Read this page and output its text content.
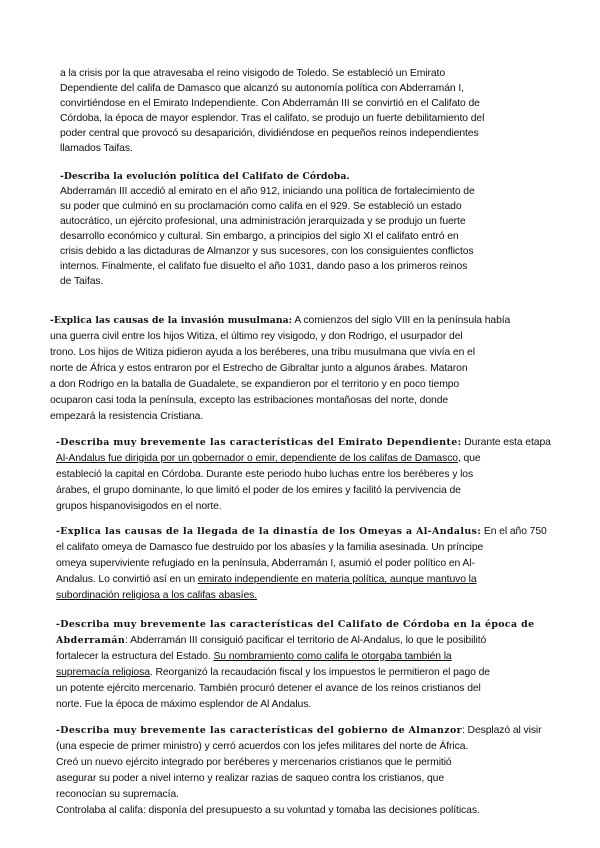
a la crisis por la que atravesaba el reino visigodo de Toledo. Se estableció un Emirato

Dependiente del califa de Damasco que alcanzó su autonomía política con Abderramán I,

convirtiéndose en el Emirato Independiente. Con Abderramán III se convirtió en el Califato de

Córdoba, la época de mayor esplendor. Tras el califato, se produjo un fuerte debilitamiento del

poder central que provocó su desaparición, dividiéndose en pequeños reinos independientes

llamados Taifas.

-Describa la evolución política del Califato de Córdoba.

Abderramán III accedió al emirato en el año 912, iniciando una política de fortalecimiento de

su poder que culminó en su proclamación como califa en el 929. Se estableció un estado

autocrático, un ejército profesional, una administración jerarquizada y se produjo un fuerte

desarrollo económico y cultural. Sin embargo, a principios del siglo XI el califato entró en

crisis debido a las dictaduras de Almanzor y sus sucesores, con los consiguientes conflictos

internos. Finalmente, el califato fue disuelto el año 1031, dando paso a los primeros reinos

de Taifas.

-Explica las causas de la invasión musulmana: A comienzos del siglo VIII en la península había

una guerra civil entre los hijos Witiza, el último rey visigodo, y don Rodrigo, el usurpador del

trono. Los hijos de Witiza pidieron ayuda a los beréberes, una tribu musulmana que vivía en el

norte de África y estos entraron por el Estrecho de Gibraltar junto a algunos árabes. Mataron

a don Rodrigo en la batalla de Guadalete, se expandieron por el territorio y en poco tiempo

ocuparon casi toda la península, excepto las estribaciones montañosas del norte, donde

empezará la resistencia Cristiana.

-Describa muy brevemente las características del Emirato Dependiente: Durante esta etapa

Al-Andalus fue dirigida por un gobernador o emir, dependiente de los califas de Damasco, que

estableció la capital en Córdoba. Durante este periodo hubo luchas entre los beréberes y los

árabes, el grupo dominante, lo que limitó el poder de los emires y facilitó la pervivencia de

grupos hispanovisigodos en el norte.

-Explica las causas de la llegada de la dinastía de los Omeyas a Al-Andalus: En el año 750

el califato omeya de Damasco fue destruido por los abasíes y la familia asesinada. Un príncipe

omeya superviviente refugiado en la península, Abderramán I, asumió el poder político en Al-

Andalus. Lo convirtió así en un emirato independiente en materia política, aunque mantuvo la

subordinación religiosa a los califas abasíes.

-Describa muy brevemente las características del Califato de Córdoba en la época de

Abderramán: Abderramán III consiguió pacificar el territorio de Al-Andalus, lo que le posibilitó

fortalecer la estructura del Estado. Su nombramiento como califa le otorgaba también la

supremacía religiosa. Reorganizó la recaudación fiscal y los impuestos le permitieron el pago de

un potente ejército mercenario. También procuró detener el avance de los reinos cristianos del

norte. Fue la época de máximo esplendor de Al Andalus.

-Describa muy brevemente las características del gobierno de Almanzor: Desplazó al visir

(una especie de primer ministro) y cerró acuerdos con los jefes militares del norte de África.

Creó un nuevo ejército integrado por beréberes y mercenarios cristianos que le permitió

asegurar su poder a nivel interno y realizar razias de saqueo contra los cristianos, que

reconocían su supremacía.

Controlaba al califa: disponía del presupuesto a su voluntad y tomaba las decisiones políticas.
